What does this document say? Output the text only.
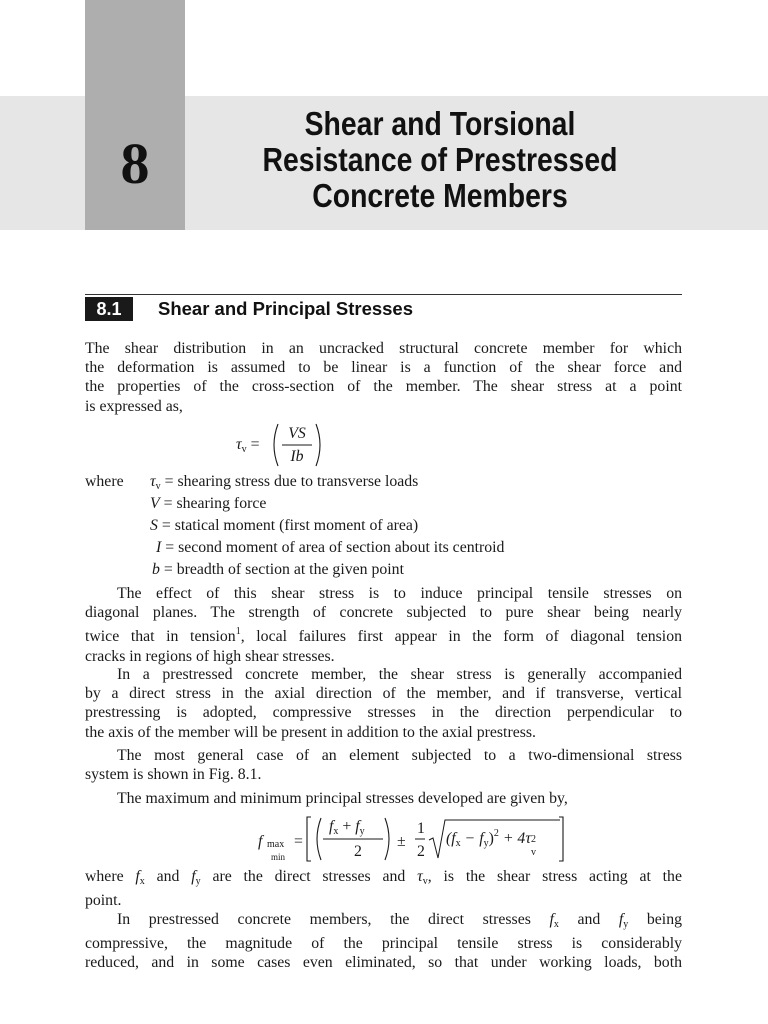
8
Shear and Torsional
Resistance of Prestressed
Concrete Members
8.1	Shear and Principal Stresses
The shear distribution in an uncracked structural concrete member for which
the deformation is assumed to be linear is a function of the shear force and
the properties of the cross-section of the member. The shear stress at a point
is expressed as,
$\tau_v$ =
VS
Ib
where $\tau_v$ = shearing stress due to transverse loads
V = shearing force
S = statical moment (first moment of area)
I = second moment of area of section about its centroid
b = breadth of section at the given point
The effect of this shear stress is to induce principal tensile stresses on
diagonal planes. The strength of concrete subjected to pure shear being nearly
twice that in tension$^1$, local failures first appear in the form of diagonal tension
cracks in regions of high shear stresses.
In a prestressed concrete member, the shear stress is generally accompanied
by a direct stress in the axial direction of the member, and if transverse, vertical
prestressing is adopted, compressive stresses in the direction perpendicular to
the axis of the member will be present in addition to the axial prestress.
The most general case of an element subjected to a two-dimensional stress
system is shown in Fig. 8.1.
The maximum and minimum principal stresses developed are given by,
f max
min
=
$f_x + f_y$
2
±
1
2
$(f_x - f_y)^2 + 4\tau$ 2
v
where $f_x$ and $f_y$ are the direct stresses and $\tau_v$, is the shear stress acting at the
point.
In prestressed concrete members, the direct stresses $f_x$ and $f_y$ being
compressive, the magnitude of the principal tensile stress is considerably
reduced, and in some cases even eliminated, so that under working loads, both
